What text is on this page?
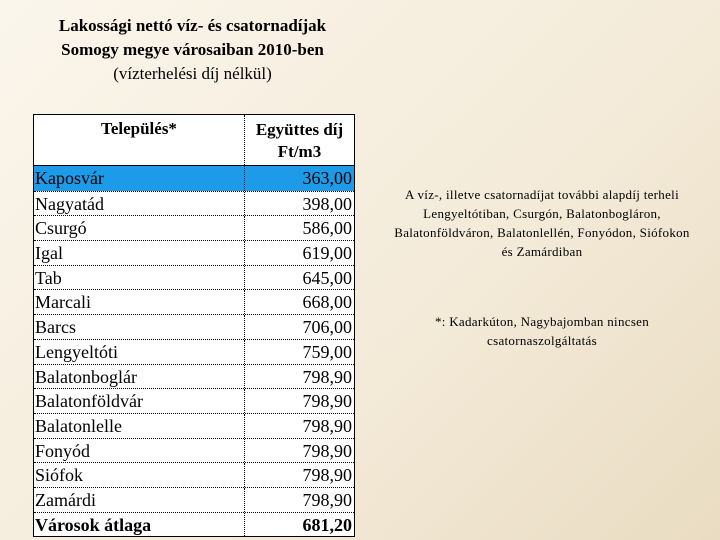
Lakossági nettó víz- és csatornadíjak
Somogy megye városaiban 2010-ben
(vízterhelési díj nélkül)
Település*	Együttes díj
Ft/m3
Kaposvár	363,00
Nagyatád	398,00
Csurgó	586,00
Igal	619,00
Tab	645,00
Marcali	668,00
Barcs	706,00
Lengyeltóti	759,00
Balatonboglár	798,90
Balatonföldvár	798,90
Balatonlelle	798,90
Fonyód	798,90
Siófok	798,90
Zamárdi	798,90
Városok átlaga	681,20
A víz-, illetve csatornadíjat további alapdíj terheli Lengyeltótiban, Csurgón, Balatonbogláron, Balatonföldváron, Balatonlellén, Fonyódon, Siófokon és Zamárdiban
*: Kadarkúton, Nagybajomban nincsen csatornaszolgáltatás
